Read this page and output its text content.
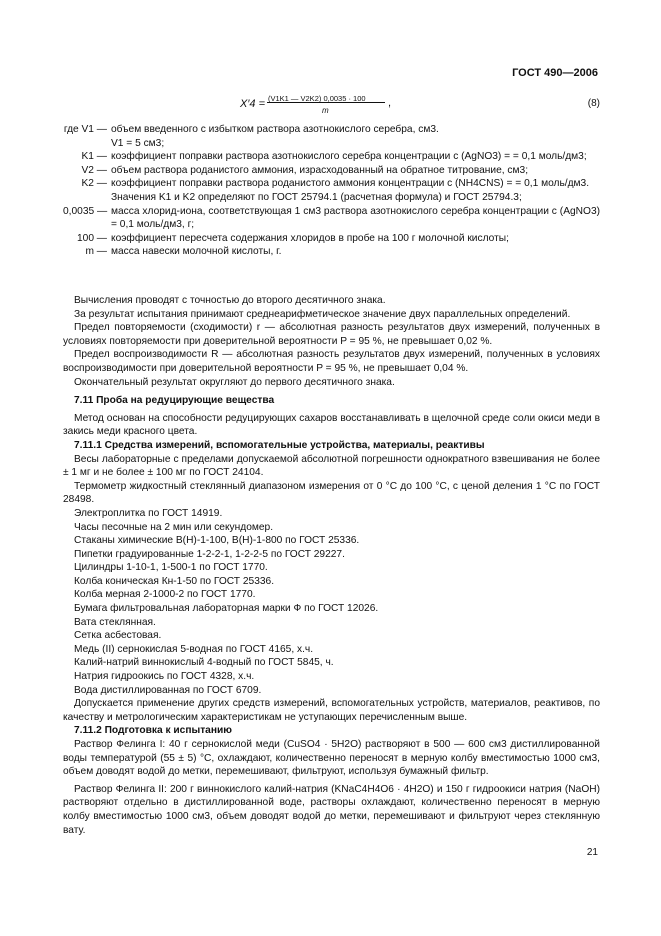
ГОСТ 490—2006
X′4 = (V1K1 — V2K2) 0,0035 · 100
m
,	(8)
где V1 — объем введенного с избытком раствора азотнокислого серебра, см3.
V1 = 5 см3;
K1 — коэффициент поправки раствора азотнокислого серебра концентрации c (AgNO3) = = 0,1 моль/дм3;
V2 — объем раствора роданистого аммония, израсходованный на обратное титрование, см3;
K2 — коэффициент поправки раствора роданистого аммония концентрации c (NH4CNS) = = 0,1 моль/дм3.
Значения K1 и K2 определяют по ГОСТ 25794.1 (расчетная формула) и ГОСТ 25794.3;
0,0035 — масса хлорид-иона, соответствующая 1 см3 раствора азотнокислого серебра концентрации c (AgNO3) = 0,1 моль/дм3, г;
100 — коэффициент пересчета содержания хлоридов в пробе на 100 г молочной кислоты;
m — масса навески молочной кислоты, г.

Вычисления проводят с точностью до второго десятичного знака.

За результат испытания принимают среднеарифметическое значение двух параллельных определений.

Предел повторяемости (сходимости) r — абсолютная разность результатов двух измерений, полученных в условиях повторяемости при доверительной вероятности P = 95 %, не превышает 0,02 %.

Предел воспроизводимости R — абсолютная разность результатов двух измерений, полученных в условиях воспроизводимости при доверительной вероятности P = 95 %, не превышает 0,04 %.

Окончательный результат округляют до первого десятичного знака.

7.11 Проба на редуцирующие вещества

Метод основан на способности редуцирующих сахаров восстанавливать в щелочной среде соли окиси меди в закись меди красного цвета.

7.11.1 Средства измерений, вспомогательные устройства, материалы, реактивы

Весы лабораторные с пределами допускаемой абсолютной погрешности однократного взвешивания не более ± 1 мг и не более ± 100 мг по ГОСТ 24104.

Термометр жидкостный стеклянный диапазоном измерения от 0 °С до 100 °С, с ценой деления 1 °С по ГОСТ 28498.

Электроплитка по ГОСТ 14919.

Часы песочные на 2 мин или секундомер.

Стаканы химические В(Н)-1-100, В(Н)-1-800 по ГОСТ 25336.

Пипетки градуированные 1-2-2-1, 1-2-2-5 по ГОСТ 29227.

Цилиндры 1-10-1, 1-500-1 по ГОСТ 1770.

Колба коническая Кн-1-50 по ГОСТ 25336.

Колба мерная 2-1000-2 по ГОСТ 1770.

Бумага фильтровальная лабораторная марки Ф по ГОСТ 12026.

Вата стеклянная.

Сетка асбестовая.

Медь (II) сернокислая 5-водная по ГОСТ 4165, х.ч.

Калий-натрий виннокислый 4-водный по ГОСТ 5845, ч.

Натрия гидроокись по ГОСТ 4328, х.ч.

Вода дистиллированная по ГОСТ 6709.

Допускается применение других средств измерений, вспомогательных устройств, материалов, реактивов, по качеству и метрологическим характеристикам не уступающих перечисленным выше.

7.11.2 Подготовка к испытанию

Раствор Фелинга I: 40 г сернокислой меди (CuSO4 · 5H2O) растворяют в 500 — 600 см3 дистиллированной воды температурой (55 ± 5) °С, охлаждают, количественно переносят в мерную колбу вместимостью 1000 см3, объем доводят водой до метки, перемешивают, фильтруют, используя бумажный фильтр.

Раствор Фелинга II: 200 г виннокислого калий-натрия (KNaC4H4O6 · 4H2O) и 150 г гидроокиси натрия (NaOH) растворяют отдельно в дистиллированной воде, растворы охлаждают, количественно переносят в мерную колбу вместимостью 1000 см3, объем доводят водой до метки, перемешивают и фильтруют через стеклянную вату.

21
